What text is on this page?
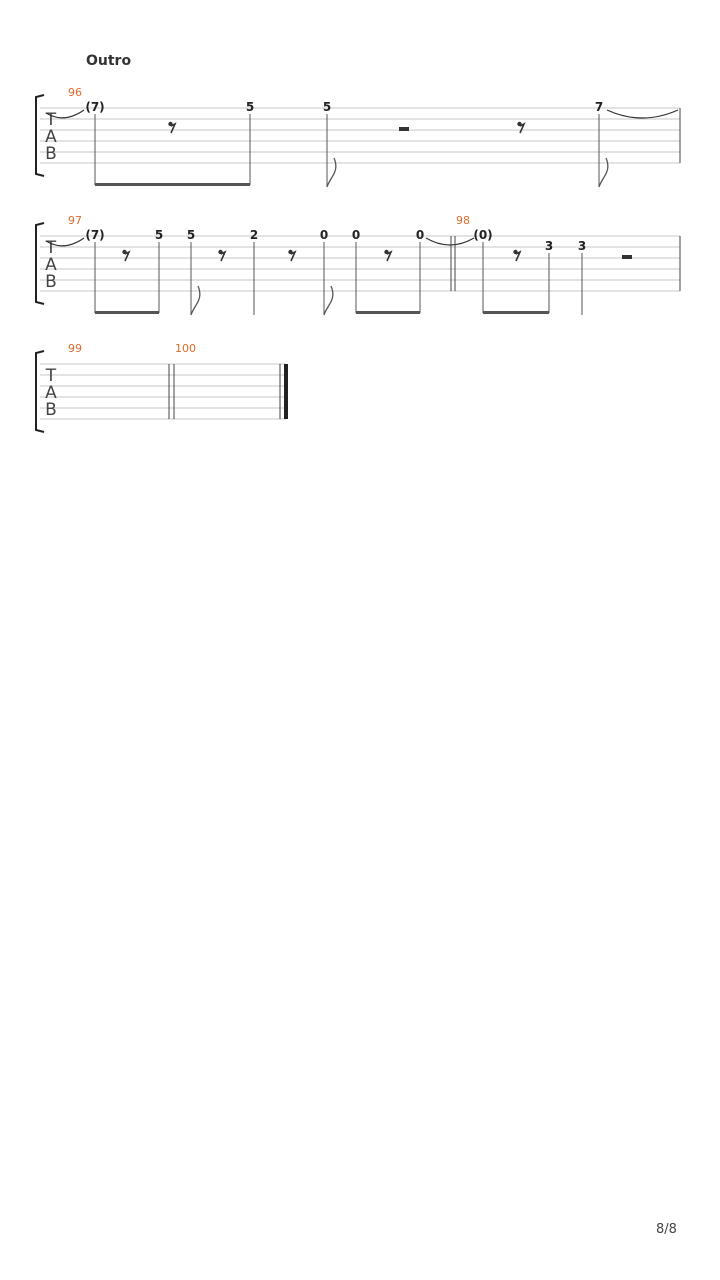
Outro
T
A
B
T
A
B
T
A
B
96
97	98
99	100
(7)	5	5	7
(7)	5 5	2	0 0	0	(0)
3 3
8/8
